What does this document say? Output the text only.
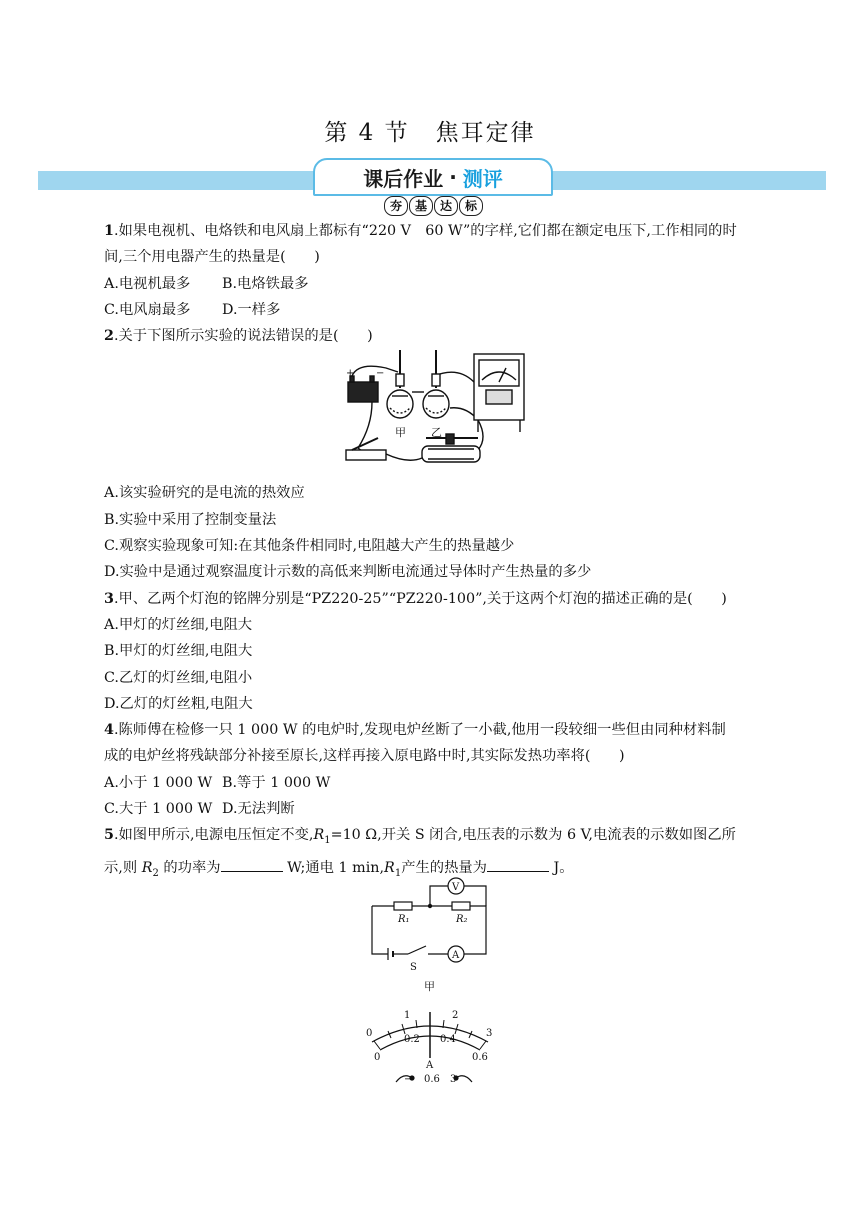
第 4 节 焦耳定律
课后作业 · 测评
夯	基	达	标

1.如果电视机、电烙铁和电风扇上都标有“220 V　60 W”的字样,它们都在额定电压下,工作相同的时

间,三个用电器产生的热量是(　　)

A.电视机最多 B.电烙铁最多

C.电风扇最多 D.一样多

2.关于下图所示实验的说法错误的是(　　)

A.该实验研究的是电流的热效应

B.实验中采用了控制变量法

C.观察实验现象可知:在其他条件相同时,电阻越大产生的热量越少

D.实验中是通过观察温度计示数的高低来判断电流通过导体时产生热量的多少

3.甲、乙两个灯泡的铭牌分别是“PZ220-25”“PZ220-100”,关于这两个灯泡的描述正确的是(　　)

A.甲灯的灯丝细,电阻大

B.甲灯的灯丝细,电阻大

C.乙灯的灯丝细,电阻小

D.乙灯的灯丝粗,电阻大

4.陈师傅在检修一只 1 000 W 的电炉时,发现电炉丝断了一小截,他用一段较细一些但由同种材料制

成的电炉丝将残缺部分补接至原长,这样再接入原电路中时,其实际发热功率将(　　)

A.小于 1 000 W B.等于 1 000 W

C.大于 1 000 W D.无法判断

5.如图甲所示,电源电压恒定不变$,R_1=10$ Ω,开关 S 闭合,电压表的示数为 6 V,电流表的示数如图乙所

示,则 $R_2$ 的功率为	W;通电 1 $\min,R_1$产生的热量为	J。

+ −
甲 乙
V
A
R₁	R₂
S
甲
0
1	2
3
0
0.2 0.4
0.6
A
− 0.6 3
